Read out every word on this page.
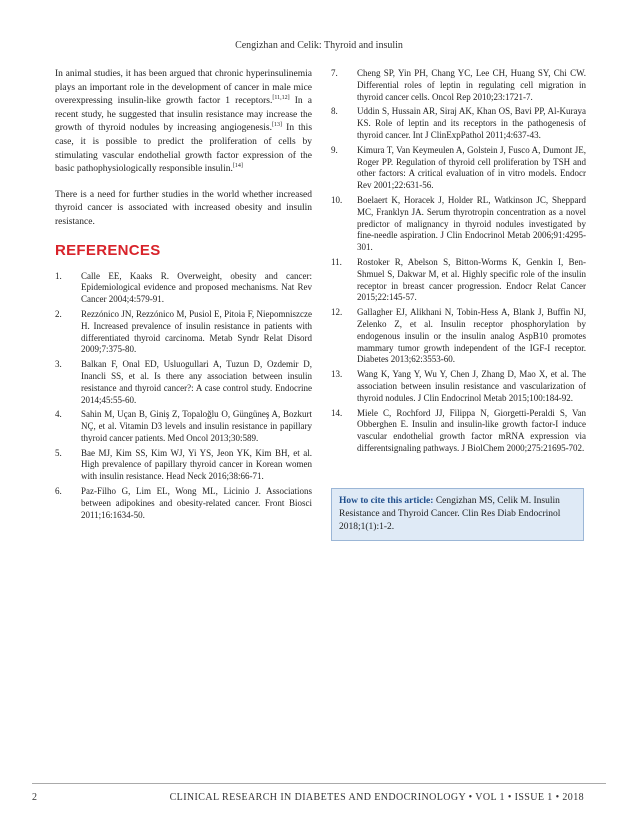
Cengizhan and Celik: Thyroid and insulin

In animal studies, it has been argued that chronic hyperinsulinemia plays an important role in the development of cancer in male mice overexpressing insulin-like growth factor 1 receptors.[11,12] In a recent study, he suggested that insulin resistance may increase the growth of thyroid nodules by increasing angiogenesis.[13] In this case, it is possible to predict the proliferation of cells by stimulating vascular endothelial growth factor expression of the basic pathophysiologically responsible insulin.[14]

There is a need for further studies in the world whether increased thyroid cancer is associated with increased obesity and insulin resistance.

REFERENCES
1. Calle EE, Kaaks R. Overweight, obesity and cancer: Epidemiological evidence and proposed mechanisms. Nat Rev Cancer 2004;4:579-91.
2. Rezzónico JN, Rezzónico M, Pusiol E, Pitoia F, Niepomniszcze H. Increased prevalence of insulin resistance in patients with differentiated thyroid carcinoma. Metab Syndr Relat Disord 2009;7:375-80.
3. Balkan F, Onal ED, Usluogullari A, Tuzun D, Ozdemir D, Inancli SS, et al. Is there any association between insulin resistance and thyroid cancer?: A case control study. Endocrine 2014;45:55-60.
4. Sahin M, Uçan B, Giniş Z, Topaloğlu O, Güngüneş A, Bozkurt NÇ, et al. Vitamin D3 levels and insulin resistance in papillary thyroid cancer patients. Med Oncol 2013;30:589.
5. Bae MJ, Kim SS, Kim WJ, Yi YS, Jeon YK, Kim BH, et al. High prevalence of papillary thyroid cancer in Korean women with insulin resistance. Head Neck 2016;38:66-71.
6. Paz-Filho G, Lim EL, Wong ML, Licinio J. Associations between adipokines and obesity-related cancer. Front Biosci 2011;16:1634-50.
7. Cheng SP, Yin PH, Chang YC, Lee CH, Huang SY, Chi CW. Differential roles of leptin in regulating cell migration in thyroid cancer cells. Oncol Rep 2010;23:1721-7.
8. Uddin S, Hussain AR, Siraj AK, Khan OS, Bavi PP, Al-Kuraya KS. Role of leptin and its receptors in the pathogenesis of thyroid cancer. Int J ClinExpPathol 2011;4:637-43.
9. Kimura T, Van Keymeulen A, Golstein J, Fusco A, Dumont JE, Roger PP. Regulation of thyroid cell proliferation by TSH and other factors: A critical evaluation of in vitro models. Endocr Rev 2001;22:631-56.
10. Boelaert K, Horacek J, Holder RL, Watkinson JC, Sheppard MC, Franklyn JA. Serum thyrotropin concentration as a novel predictor of malignancy in thyroid nodules investigated by fine-needle aspiration. J Clin Endocrinol Metab 2006;91:4295-301.
11. Rostoker R, Abelson S, Bitton-Worms K, Genkin I, Ben-Shmuel S, Dakwar M, et al. Highly specific role of the insulin receptor in breast cancer progression. Endocr Relat Cancer 2015;22:145-57.
12. Gallagher EJ, Alikhani N, Tobin-Hess A, Blank J, Buffin NJ, Zelenko Z, et al. Insulin receptor phosphorylation by endogenous insulin or the insulin analog AspB10 promotes mammary tumor growth independent of the IGF-I receptor. Diabetes 2013;62:3553-60.
13. Wang K, Yang Y, Wu Y, Chen J, Zhang D, Mao X, et al. The association between insulin resistance and vascularization of thyroid nodules. J Clin Endocrinol Metab 2015;100:184-92.
14. Miele C, Rochford JJ, Filippa N, Giorgetti-Peraldi S, Van Obberghen E. Insulin and insulin-like growth factor-I induce vascular endothelial growth factor mRNA expression via differentsignaling pathways. J BiolChem 2000;275:21695-702.
How to cite this article: Cengizhan MS, Celik M. Insulin Resistance and Thyroid Cancer. Clin Res Diab Endocrinol 2018;1(1):1-2.
2	CLINICAL RESEARCH IN DIABETES AND ENDOCRINOLOGY • VOL 1 • ISSUE 1 • 2018
